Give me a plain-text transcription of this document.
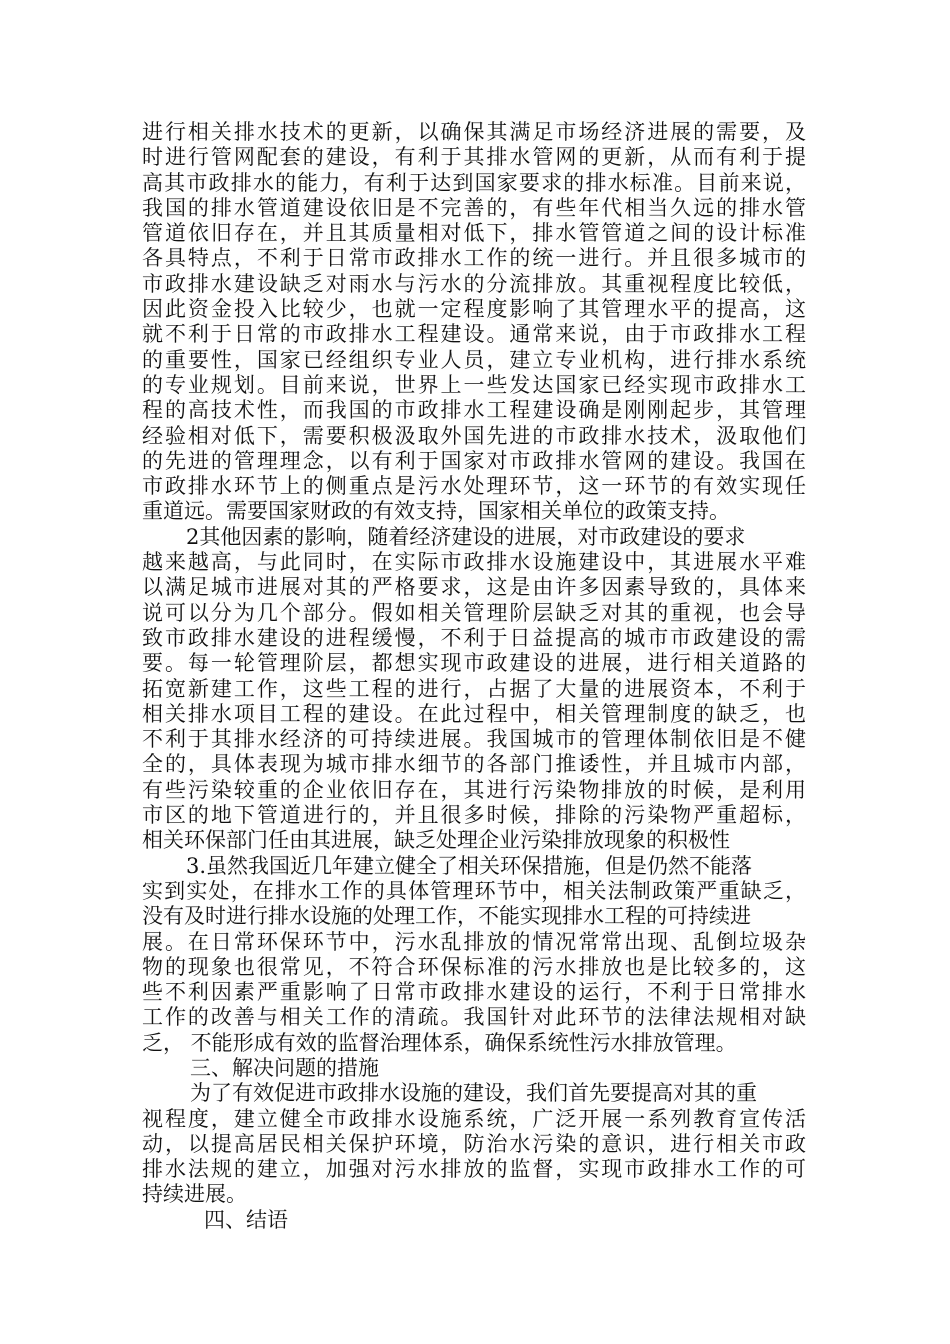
进行相关排水技术的更新，以确保其满足市场经济进展的需要，及
时进行管网配套的建设，有利于其排水管网的更新，从而有利于提
高其市政排水的能力，有利于达到国家要求的排水标准。目前来说，
我国的排水管道建设依旧是不完善的，有些年代相当久远的排水管
管道依旧存在，并且其质量相对低下，排水管管道之间的设计标准
各具特点，不利于日常市政排水工作的统一进行。并且很多城市的
市政排水建设缺乏对雨水与污水的分流排放。其重视程度比较低，
因此资金投入比较少，也就一定程度影响了其管理水平的提高，这
就不利于日常的市政排水工程建设。通常来说，由于市政排水工程
的重要性，国家已经组织专业人员，建立专业机构，进行排水系统
的专业规划。目前来说，世界上一些发达国家已经实现市政排水工
程的高技术性，而我国的市政排水工程建设确是刚刚起步，其管理
经验相对低下，需要积极汲取外国先进的市政排水技术，汲取他们
的先进的管理理念，以有利于国家对市政排水管网的建设。我国在
市政排水环节上的侧重点是污水处理环节，这一环节的有效实现任
重道远。需要国家财政的有效支持，国家相关单位的政策支持。
2其他因素的影响，随着经济建设的进展，对市政建设的要求
越来越高，与此同时，在实际市政排水设施建设中，其进展水平难
以满足城市进展对其的严格要求，这是由许多因素导致的，具体来
说可以分为几个部分。假如相关管理阶层缺乏对其的重视，也会导
致市政排水建设的进程缓慢，不利于日益提高的城市市政建设的需
要。每一轮管理阶层，都想实现市政建设的进展，进行相关道路的
拓宽新建工作，这些工程的进行，占据了大量的进展资本，不利于
相关排水项目工程的建设。在此过程中，相关管理制度的缺乏，也
不利于其排水经济的可持续进展。我国城市的管理体制依旧是不健
全的，具体表现为城市排水细节的各部门推诿性，并且城市内部，
有些污染较重的企业依旧存在，其进行污染物排放的时候，是利用
市区的地下管道进行的，并且很多时候，排除的污染物严重超标，
相关环保部门任由其进展，缺乏处理企业污染排放现象的积极性
3.虽然我国近几年建立健全了相关环保措施，但是仍然不能落
实到实处，在排水工作的具体管理环节中，相关法制政策严重缺乏，
没有及时进行排水设施的处理工作，不能实现排水工程的可持续进
展。在日常环保环节中，污水乱排放的情况常常出现、乱倒垃圾杂
物的现象也很常见，不符合环保标准的污水排放也是比较多的，这
些不利因素严重影响了日常市政排水建设的运行，不利于日常排水
工作的改善与相关工作的清疏。我国针对此环节的法律法规相对缺
乏， 不能形成有效的监督治理体系，确保系统性污水排放管理。
三、解决问题的措施
为了有效促进市政排水设施的建设，我们首先要提高对其的重
视程度，建立健全市政排水设施系统，广泛开展一系列教育宣传活
动，以提高居民相关保护环境，防治水污染的意识，进行相关市政
排水法规的建立，加强对污水排放的监督，实现市政排水工作的可
持续进展。
四、结语
